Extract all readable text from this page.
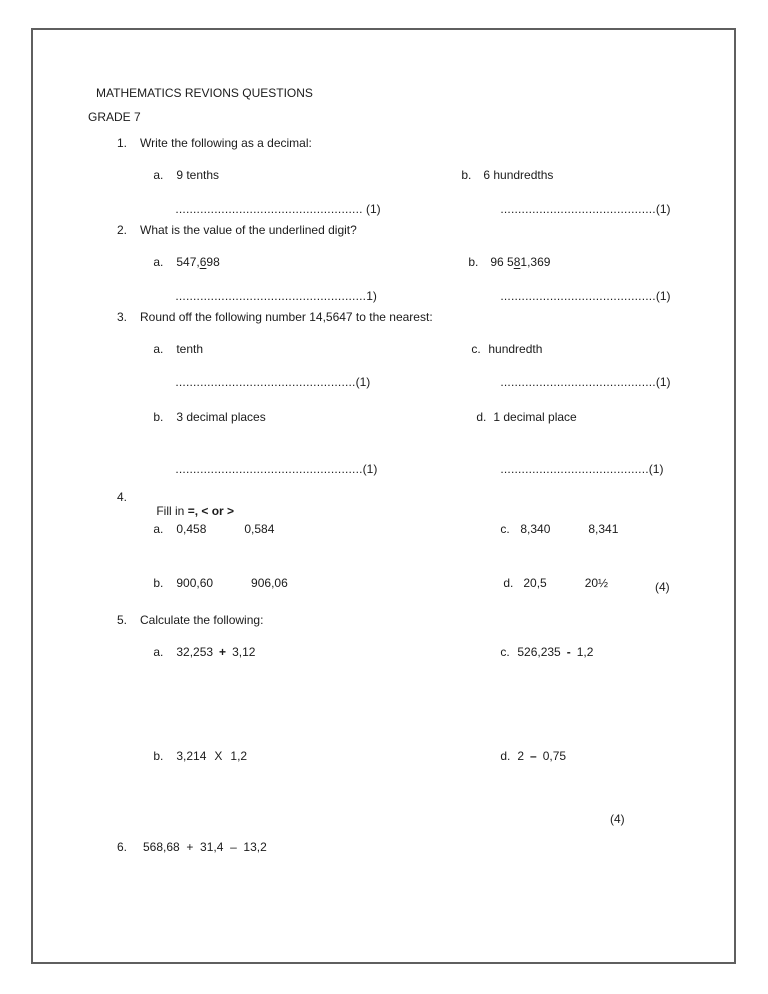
MATHEMATICS REVIONS QUESTIONS
GRADE 7
1. Write the following as a decimal:

a. 9 tenths
	b. 6 hundredths

..................................................... (1)
	............................................(1)

2. What is the value of the underlined digit?

a. 547,698
	b. 96 581,369

......................................................1)
	............................................(1)

3. Round off the following number 14,5647 to the nearest:

a. tenth
	c. hundredth

...................................................(1)
	............................................(1)

b. 3 decimal places
	d. 1 decimal place

.....................................................(1)
	..........................................(1)

4.

Fill in =, < or >

a. 0,458	0,584
	c. 8,340	8,341

b. 900,60	906,06
	d. 20,5	20½
	(4)
5. Calculate the following:

a. 32,253 + 3,12
	c. 526,235 - 1,2

b. 3,214 X 1,2
	d. 2 – 0,75

(4)
6. 568,68  +  31,4  –  13,2
